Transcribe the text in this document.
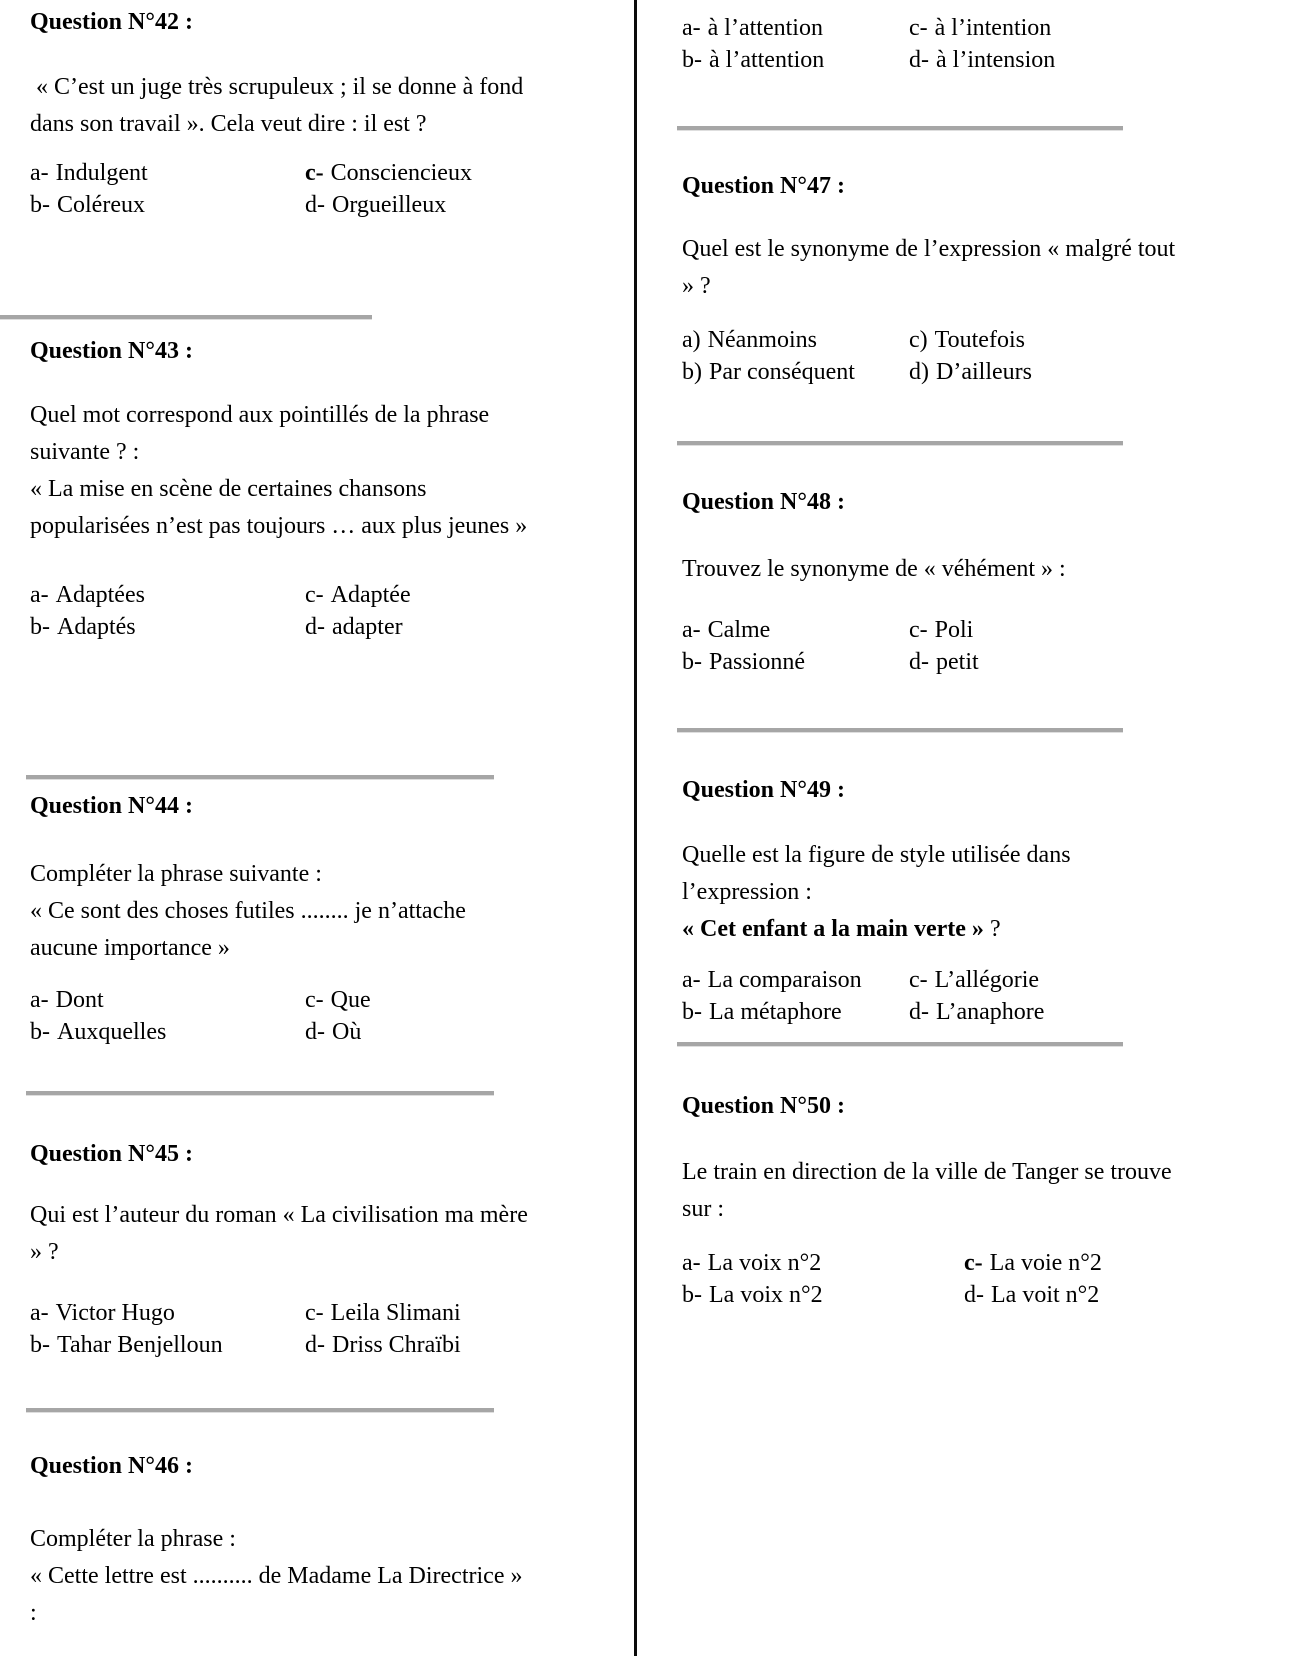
Question N°42 :
« C’est un juge très scrupuleux ; il se donne à fond
dans son travail ». Cela veut dire : il est ?
a- Indulgent
b- Coléreux
c- Consciencieux
d- Orgueilleux
Question N°43 :
Quel mot correspond aux pointillés de la phrase
suivante ? :
« La mise en scène de certaines chansons
popularisées n’est pas toujours … aux plus jeunes »
a- Adaptées
b- Adaptés
c- Adaptée
d- adapter
Question N°44 :
Compléter la phrase suivante :
« Ce sont des choses futiles ........ je n’attache
aucune importance »
a- Dont
b- Auxquelles
c- Que
d- Où
Question N°45 :
Qui est l’auteur du roman « La civilisation ma mère
» ?
a- Victor Hugo
b- Tahar Benjelloun
c- Leila Slimani
d- Driss Chraïbi
Question N°46 :
Compléter la phrase :
« Cette lettre est .......... de Madame La Directrice »
:
a- à l’attention
b- à l’attention
c- à l’intention
d- à l’intension
Question N°47 :
Quel est le synonyme de l’expression « malgré tout
» ?
a) Néanmoins
b) Par conséquent
c) Toutefois
d) D’ailleurs
Question N°48 :
Trouvez le synonyme de « véhément » :
a- Calme
b- Passionné
c- Poli
d- petit
Question N°49 :
Quelle est la figure de style utilisée dans
l’expression :
« Cet enfant a la main verte » ?
a- La comparaison
b- La métaphore
c- L’allégorie
d- L’anaphore
Question N°50 :
Le train en direction de la ville de Tanger se trouve
sur :
a- La voix n°2
b- La voix n°2
c- La voie n°2
d- La voit n°2
